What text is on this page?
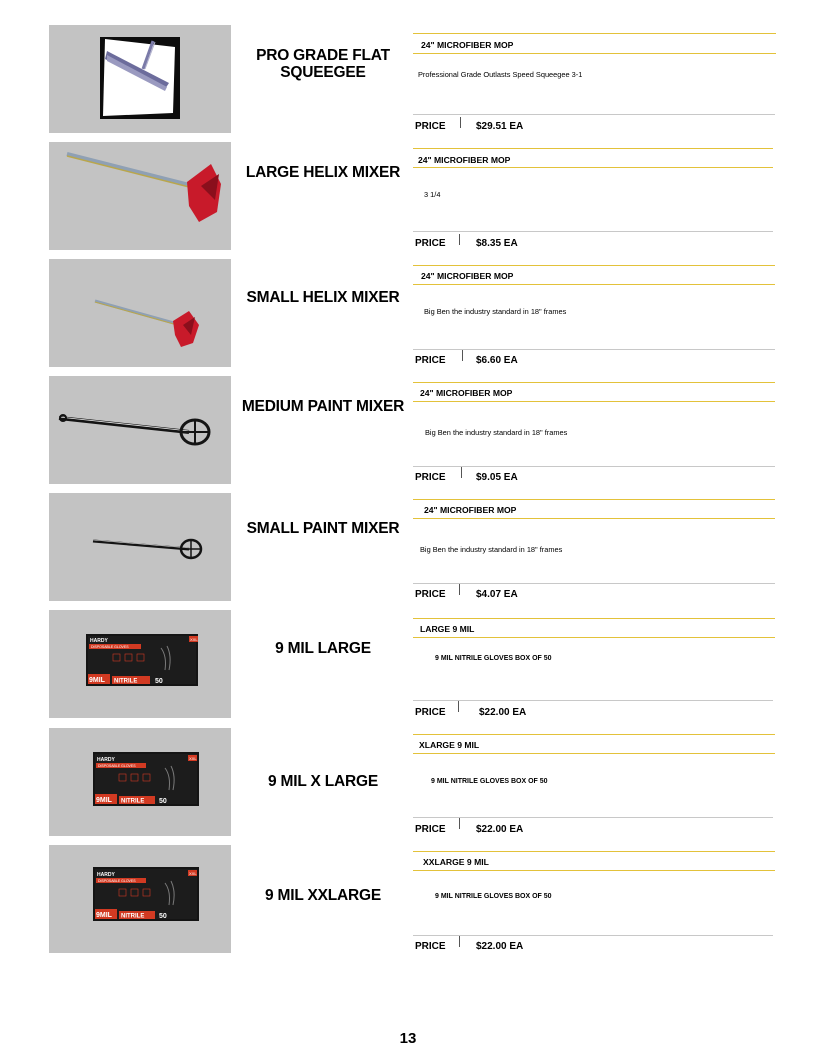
PRO GRADE FLAT SQUEEGEE
24" MICROFIBER MOP
Professional Grade Outlasts Speed Squeegee 3-1
PRICE	$29.51 EA
LARGE HELIX MIXER
24" MICROFIBER MOP
3 1/4
PRICE	$8.35 EA
SMALL HELIX MIXER
24" MICROFIBER MOP
Big Ben the industry standard in 18" frames
PRICE	$6.60 EA
MEDIUM PAINT MIXER
24" MICROFIBER MOP
Big Ben the industry standard in 18" frames
PRICE	$9.05 EA
SMALL PAINT MIXER
24" MICROFIBER MOP
Big Ben the industry standard in 18" frames
PRICE	$4.07 EA
HARDY
DISPOSABLE GLOVES
XXL
9MIL NITRILE	50
9 MIL LARGE
LARGE 9 MIL
9 MIL NITRILE GLOVES BOX OF 50
PRICE	$22.00 EA
HARDY
DISPOSABLE GLOVES
XXL
9MIL NITRILE 50
9 MIL X LARGE
XLARGE 9 MIL
9 MIL NITRILE GLOVES BOX OF 50
PRICE	$22.00 EA
HARDY
DISPOSABLE GLOVES
XXL
9MIL NITRILE 50
9 MIL XXLARGE
XXLARGE 9 MIL
9 MIL NITRILE GLOVES BOX OF 50
PRICE	$22.00 EA
13
